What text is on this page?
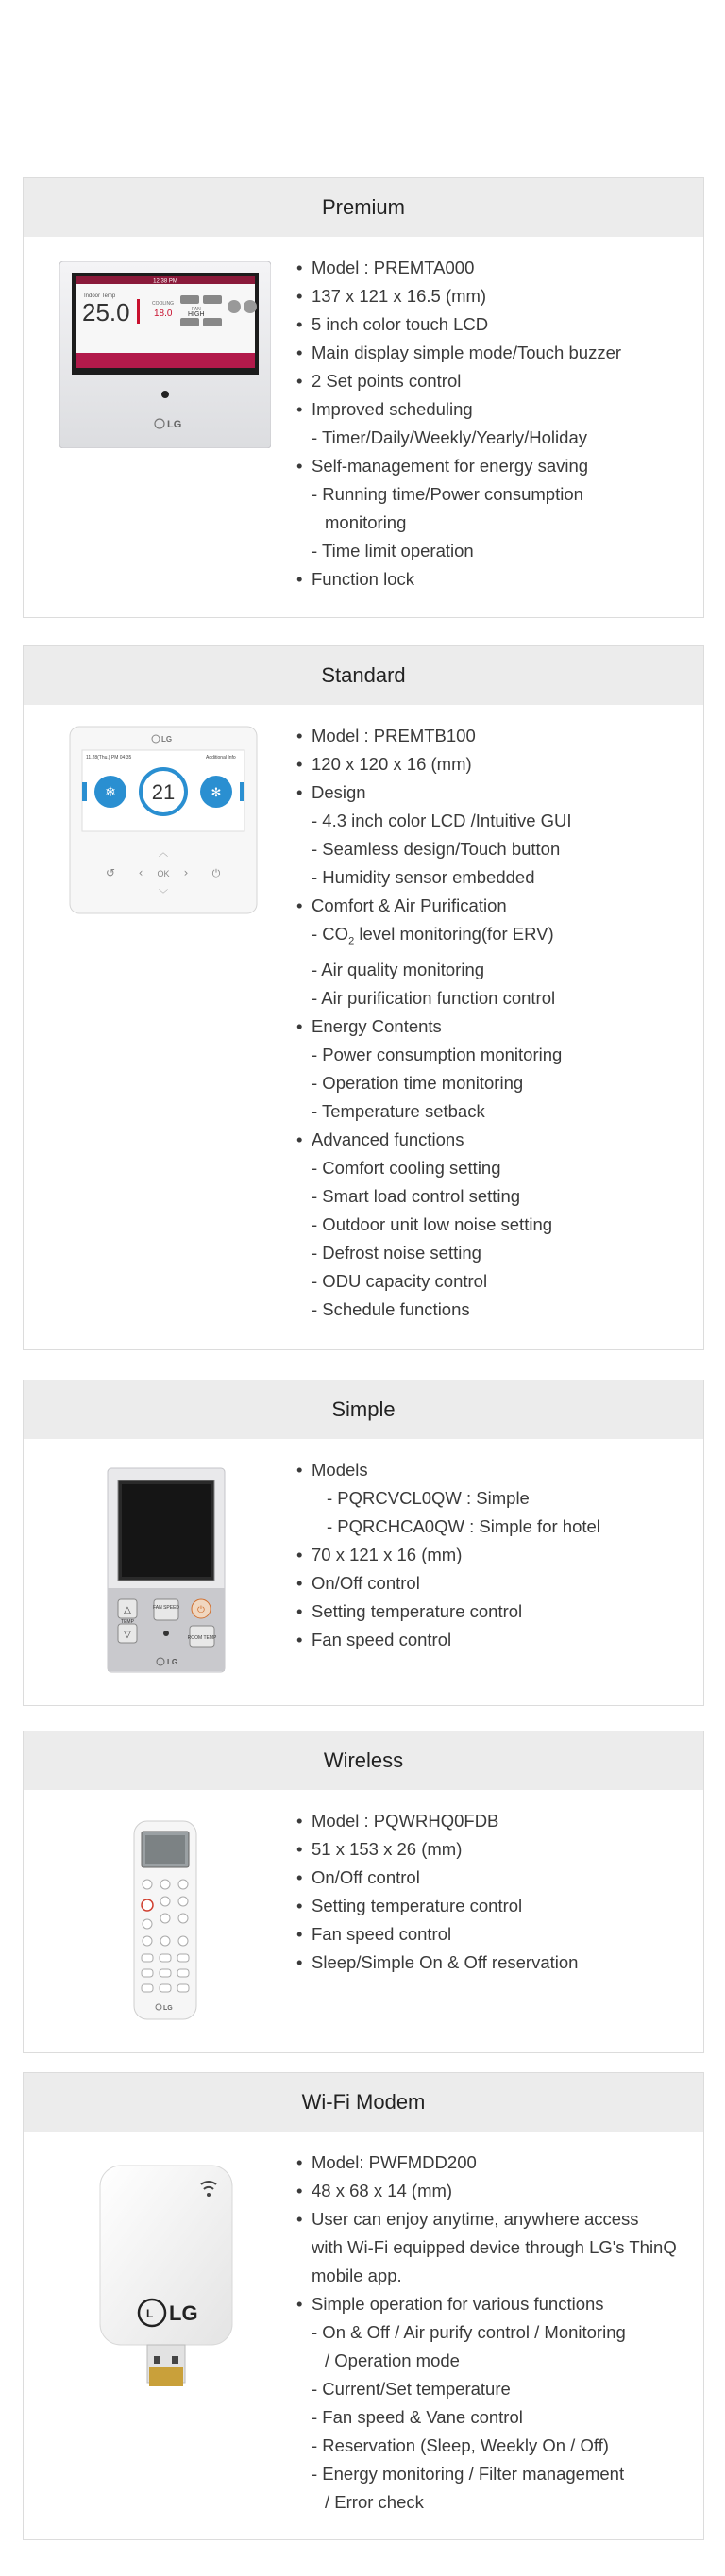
Premium
12:38 PM
Indoor Temp
25.0	COOLING
18.0	FAN
HIGH
LG
• Model : PREMTA000
• 137 x 121 x 16.5 (mm)
• 5 inch color touch LCD
• Main display simple mode/Touch buzzer
• 2 Set points control
• Improved scheduling
- Timer/Daily/Weekly/Yearly/Holiday
• Self-management for energy saving
- Running time/Power consumption
monitoring
- Time limit operation
• Function lock
Standard
LG
11.28(Thu.) PM 04:35	Additional Info
❄ 21	✻
︿
↺ ‹ OK › ⏻
﹀
• Model : PREMTB100
• 120 x 120 x 16 (mm)
• Design
- 4.3 inch color LCD /Intuitive GUI
- Seamless design/Touch button
- Humidity sensor embedded
• Comfort & Air Purification
- $CO_2$ level monitoring(for ERV)
- Air quality monitoring
- Air purification function control
• Energy Contents
- Power consumption monitoring
- Operation time monitoring
- Temperature setback
• Advanced functions
- Comfort cooling setting
- Smart load control setting
- Outdoor unit low noise setting
- Defrost noise setting
- ODU capacity control
- Schedule functions
Simple
△
▽
TEMP
FAN SPEED ⏻
ROOM TEMP
LG
• Models
- PQRCVCL0QW : Simple
- PQRCHCA0QW : Simple for hotel
• 70 x 121 x 16 (mm)
• On/Off control
• Setting temperature control
• Fan speed control
Wireless
LG
• Model : PQWRHQ0FDB
• 51 x 153 x 26 (mm)
• On/Off control
• Setting temperature control
• Fan speed control
• Sleep/Simple On & Off reservation
Wi-Fi Modem
L LG
• Model: PWFMDD200
• 48 x 68 x 14 (mm)
• User can enjoy anytime, anywhere access
with Wi-Fi equipped device through LG's ThinQ
mobile app.
• Simple operation for various functions
- On & Off / Air purify control / Monitoring
/ Operation mode
- Current/Set temperature
- Fan speed & Vane control
- Reservation (Sleep, Weekly On / Off)
- Energy monitoring / Filter management
/ Error check
